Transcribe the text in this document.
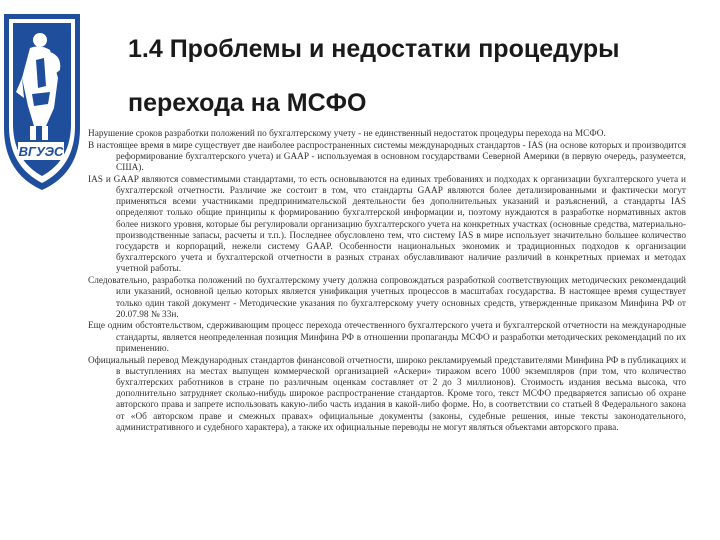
ВГУЭС
1.4 Проблемы и недостатки процедуры
перехода на МСФО

Нарушение сроков разработки положений по бухгалтерскому учету - не единственный недостаток процедуры перехода на МСФО.

В настоящее время в мире существует две наиболее распространенных системы международных стандартов - IAS (на основе которых и производится реформирование бухгалтерского учета) и GAAP - используемая в основном государствами Северной Америки (в первую очередь, разумеется, США).

IAS и GAAP являются совместимыми стандартами, то есть основываются на единых требованиях и подходах к организации бухгалтерского учета и бухгалтерской отчетности. Различие же состоит в том, что стандарты GAAP являются более детализированными и фактически могут применяться всеми участниками предпринимательской деятельности без дополнительных указаний и разъяснений, а стандарты IAS определяют только общие принципы к формированию бухгалтерской информации и, поэтому нуждаются в разработке нормативных актов более низкого уровня, которые бы регулировали организацию бухгалтерского учета на конкретных участках (основные средства, материально-производственные запасы, расчеты и т.п.). Последнее обусловлено тем, что систему IAS в мире использует значительно большее количество государств и корпораций, нежели систему GAAP. Особенности национальных экономик и традиционных подходов к организации бухгалтерского учета и бухгалтерской отчетности в разных странах обуславливают наличие различий в конкретных приемах и методах учетной работы.

Следовательно, разработка положений по бухгалтерскому учету должна сопровождаться разработкой соответствующих методических рекомендаций или указаний, основной целью которых является унификация учетных процессов в масштабах государства. В настоящее время существует только один такой документ - Методические указания по бухгалтерскому учету основных средств, утвержденные приказом Минфина РФ от 20.07.98 № 33н.

Еще одним обстоятельством, сдерживающим процесс перехода отечественного бухгалтерского учета и бухгалтерской отчетности на международные стандарты, является неопределенная позиция Минфина РФ в отношении пропаганды МСФО и разработки методических рекомендаций по их применению.

Официальный перевод Международных стандартов финансовой отчетности, широко рекламируемый представителями Минфина РФ в публикациях и в выступлениях на местах выпущен коммерческой организацией «Аскери» тиражом всего 1000 экземпляров (при том, что количество бухгалтерских работников в стране по различным оценкам составляет от 2 до 3 миллионов). Стоимость издания весьма высока, что дополнительно затрудняет сколько-нибудь широкое распространение стандартов. Кроме того, текст МСФО предваряется записью об охране авторского права и запрете использовать какую-либо часть издания в какой-либо форме. Но, в соответствии со статьей 8 Федерального закона от «Об авторском праве и смежных правах» официальные документы (законы, судебные решения, иные тексты законодательного, административного и судебного характера), а также их официальные переводы не могут являться объектами авторского права.
